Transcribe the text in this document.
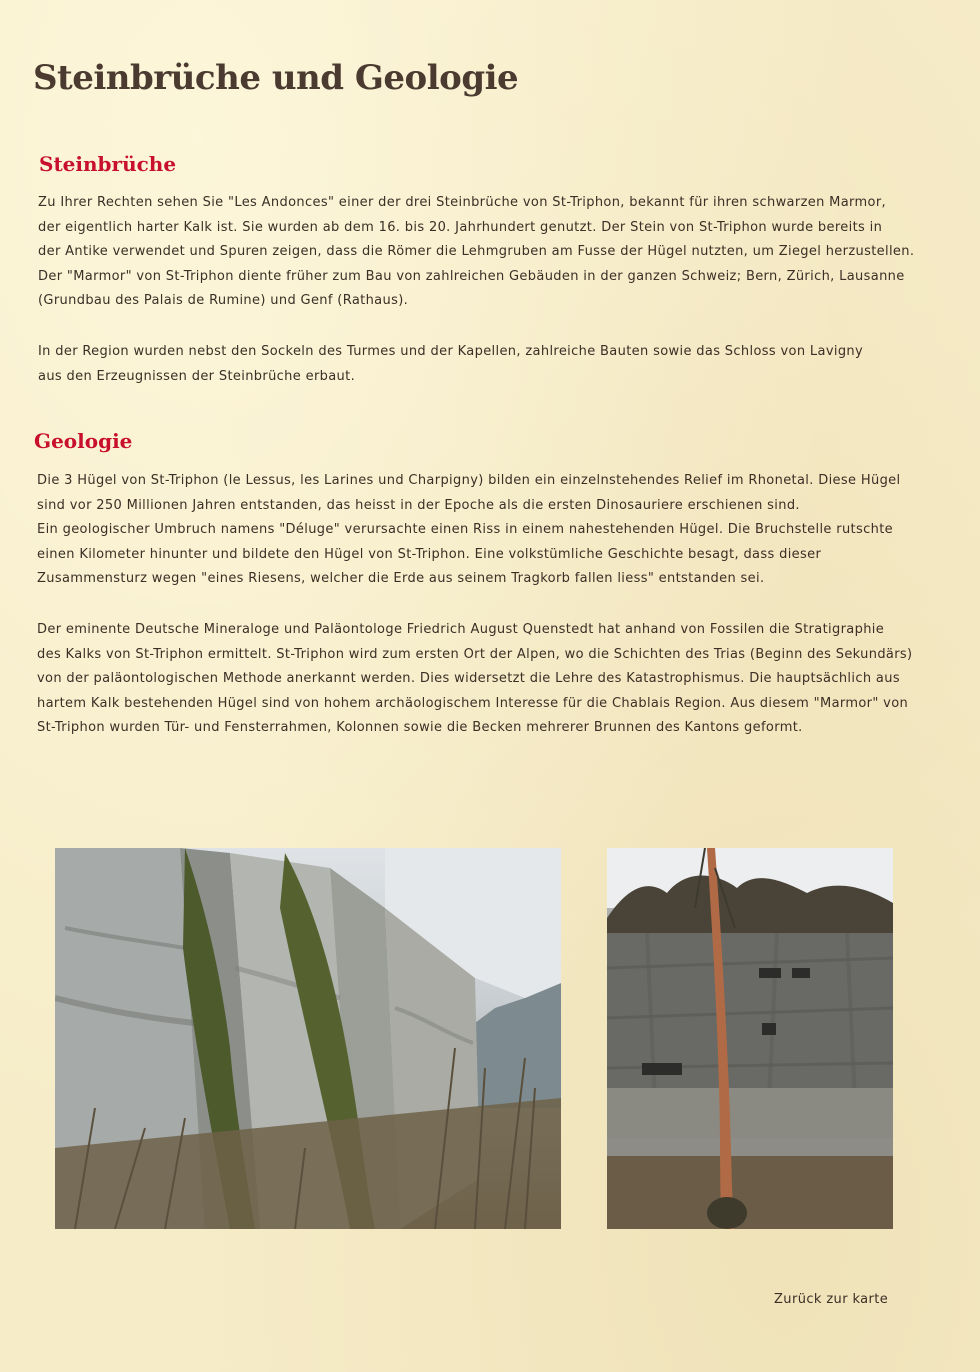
Steinbrüche und Geologie
Steinbrüche

Zu Ihrer Rechten sehen Sie "Les Andonces" einer der drei Steinbrüche von St-Triphon, bekannt für ihren schwarzen Marmor,
der eigentlich harter Kalk ist. Sie wurden ab dem 16. bis 20. Jahrhundert genutzt. Der Stein von St-Triphon wurde bereits in
der Antike verwendet und Spuren zeigen, dass die Römer die Lehmgruben am Fusse der Hügel nutzten, um Ziegel herzustellen.
Der "Marmor" von St-Triphon diente früher zum Bau von zahlreichen Gebäuden in der ganzen Schweiz; Bern, Zürich, Lausanne
(Grundbau des Palais de Rumine) und Genf (Rathaus).

In der Region wurden nebst den Sockeln des Turmes und der Kapellen, zahlreiche Bauten sowie das Schloss von Lavigny
aus den Erzeugnissen der Steinbrüche erbaut.

Geologie

Die 3 Hügel von St-Triphon (le Lessus, les Larines und Charpigny) bilden ein einzelnstehendes Relief im Rhonetal. Diese Hügel
sind vor 250 Millionen Jahren entstanden, das heisst in der Epoche als die ersten Dinosauriere erschienen sind.
Ein geologischer Umbruch namens "Déluge" verursachte einen Riss in einem nahestehenden Hügel. Die Bruchstelle rutschte
einen Kilometer hinunter und bildete den Hügel von St-Triphon. Eine volkstümliche Geschichte besagt, dass dieser
Zusammensturz wegen "eines Riesens, welcher die Erde aus seinem Tragkorb fallen liess" entstanden sei.

Der eminente Deutsche Mineraloge und Paläontologe Friedrich August Quenstedt hat anhand von Fossilen die Stratigraphie
des Kalks von St-Triphon ermittelt. St-Triphon wird zum ersten Ort der Alpen, wo die Schichten des Trias (Beginn des Sekundärs)
von der paläontologischen Methode anerkannt werden. Dies widersetzt die Lehre des Katastrophismus. Die hauptsächlich aus
hartem Kalk bestehenden Hügel sind von hohem archäologischem Interesse für die Chablais Region. Aus diesem "Marmor" von
St-Triphon wurden Tür- und Fensterrahmen, Kolonnen sowie die Becken mehrerer Brunnen des Kantons geformt.

Zurück zur karte
